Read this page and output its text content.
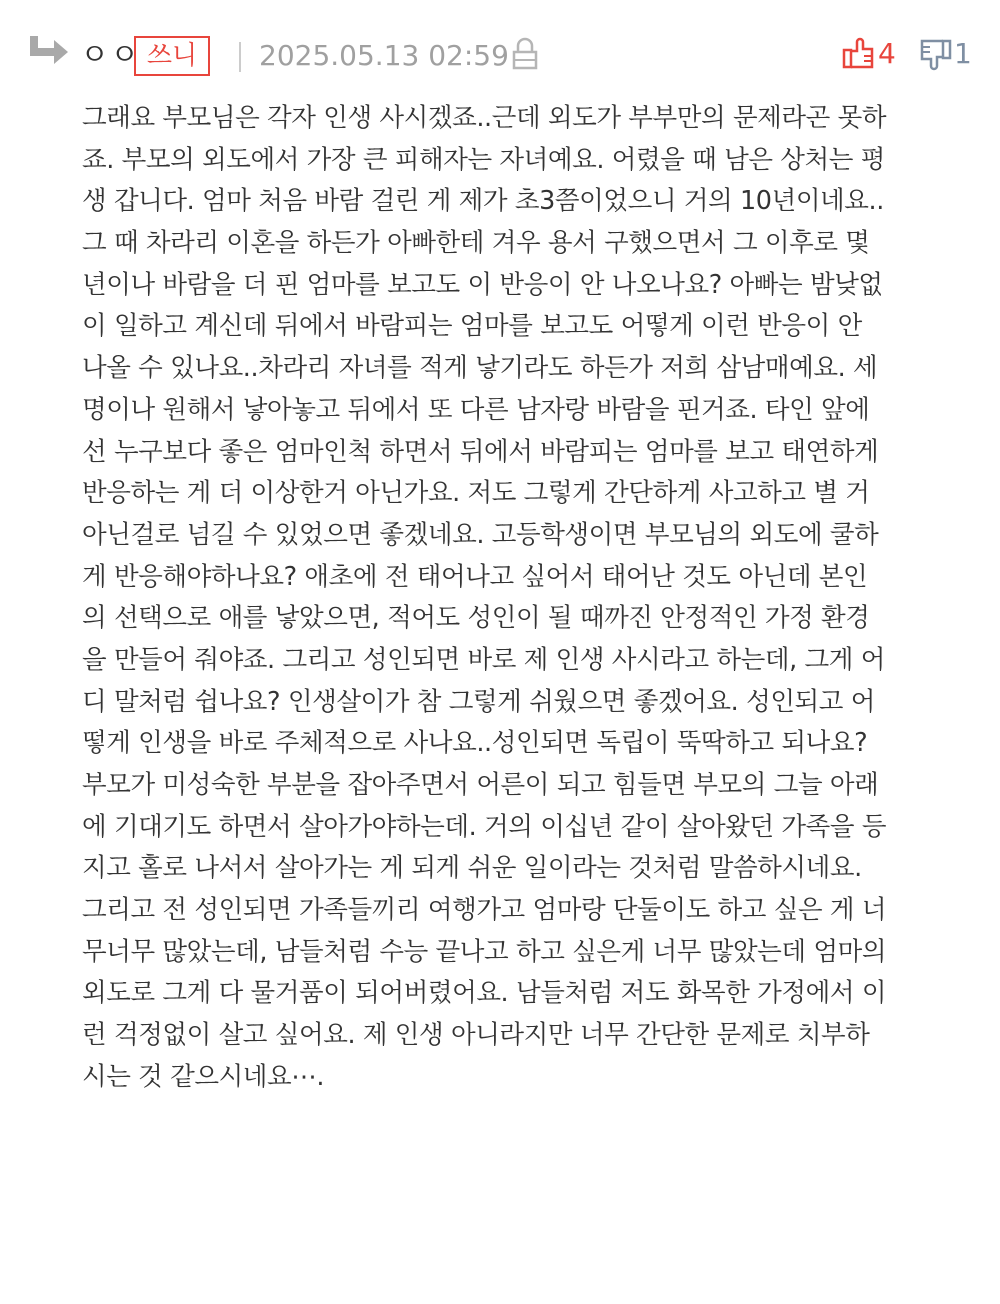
ㅇㅇ 쓰니	2025.05.13 02:59	4 1
그래요 부모님은 각자 인생 사시겠죠..근데 외도가 부부만의 문제라곤 못하
죠. 부모의 외도에서 가장 큰 피해자는 자녀예요. 어렸을 때 남은 상처는 평
생 갑니다. 엄마 처음 바람 걸린 게 제가 초3쯤이었으니 거의 10년이네요..
그 때 차라리 이혼을 하든가 아빠한테 겨우 용서 구했으면서 그 이후로 몇
년이나 바람을 더 핀 엄마를 보고도 이 반응이 안 나오나요? 아빠는 밤낮없
이 일하고 계신데 뒤에서 바람피는 엄마를 보고도 어떻게 이런 반응이 안
나올 수 있나요..차라리 자녀를 적게 낳기라도 하든가 저희 삼남매예요. 세
명이나 원해서 낳아놓고 뒤에서 또 다른 남자랑 바람을 핀거죠. 타인 앞에
선 누구보다 좋은 엄마인척 하면서 뒤에서 바람피는 엄마를 보고 태연하게
반응하는 게 더 이상한거 아닌가요. 저도 그렇게 간단하게 사고하고 별 거
아닌걸로 넘길 수 있었으면 좋겠네요. 고등학생이면 부모님의 외도에 쿨하
게 반응해야하나요? 애초에 전 태어나고 싶어서 태어난 것도 아닌데 본인
의 선택으로 애를 낳았으면, 적어도 성인이 될 때까진 안정적인 가정 환경
을 만들어 줘야죠. 그리고 성인되면 바로 제 인생 사시라고 하는데, 그게 어
디 말처럼 쉽나요? 인생살이가 참 그렇게 쉬웠으면 좋겠어요. 성인되고 어
떻게 인생을 바로 주체적으로 사나요..성인되면 독립이 뚝딱하고 되나요?
부모가 미성숙한 부분을 잡아주면서 어른이 되고 힘들면 부모의 그늘 아래
에 기대기도 하면서 살아가야하는데. 거의 이십년 같이 살아왔던 가족을 등
지고 홀로 나서서 살아가는 게 되게 쉬운 일이라는 것처럼 말씀하시네요.
그리고 전 성인되면 가족들끼리 여행가고 엄마랑 단둘이도 하고 싶은 게 너
무너무 많았는데, 남들처럼 수능 끝나고 하고 싶은게 너무 많았는데 엄마의
외도로 그게 다 물거품이 되어버렸어요. 남들처럼 저도 화목한 가정에서 이
런 걱정없이 살고 싶어요. 제 인생 아니라지만 너무 간단한 문제로 치부하
시는 것 같으시네요⋯.
